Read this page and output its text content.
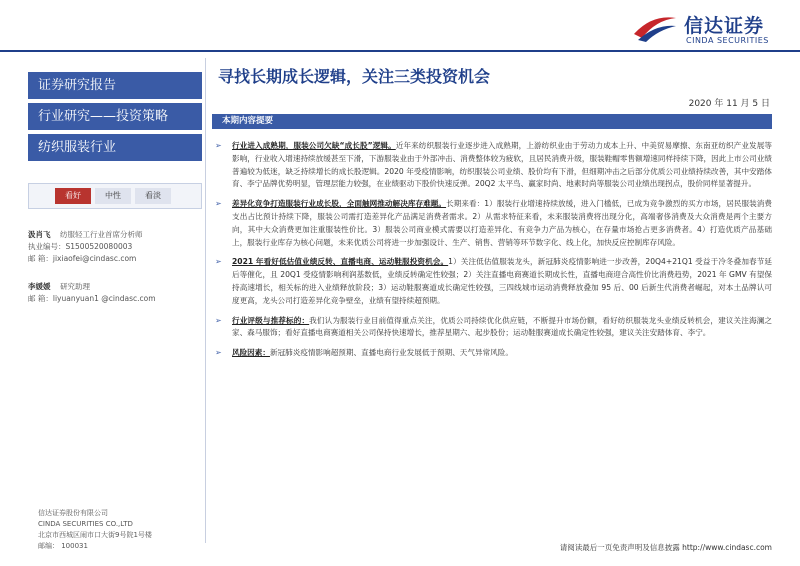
信达证券
CINDA SECURITIES
证券研究报告
行业研究——投资策略
纺织服装行业
看好	中性	看淡
汲肖飞 纺服轻工行业首席分析师
执业编号：S1500520080003
邮 箱：jixiaofei@cindasc.com
李媛媛 研究助理
邮 箱：liyuanyuan1 @cindasc.com
信达证券股份有限公司
CINDA SECURITIES CO.,LTD
北京市西城区闹市口大街9号院1号楼
邮编： 100031
寻找长期成长逻辑，关注三类投资机会
2020 年 11 月 5 日
本期内容提要
➢ 行业进入成熟期，服装公司欠缺“成长股”逻辑。近年来纺织服装行业逐步进入成熟期，上游纺织业由于劳动力成本上升、中美贸易摩擦、东南亚纺织产业发展等影响，行业收入增速持续放缓甚至下滑，下游服装业由于外部冲击、消费整体较为疲软，且居民消费升级，服装鞋帽零售额增速同样持续下降，因此上市公司业绩普遍较为低迷，缺乏持续增长的成长股逻辑。2020 年受疫情影响，纺织服装公司业绩、股价均有下滑，但细期冲击之后部分优质公司业绩持续改善，其中安踏体育、李宁品牌优势明显，管理层能力较强，在业绩驱动下股价快速反弹。20Q2 太平鸟、赢家时尚、地素时尚等服装公司业绩出现拐点，股价同样显著提升。
➢ 差异化竞争打造服装行业成长股，全面触网推动解决库存难题。长期来看：1）服装行业增速持续放缓，进入门槛低，已成为竞争激烈的买方市场，居民服装消费支出占比预计持续下降，服装公司需打造差异化产品满足消费者需求。2）从需求特征来看，未来服装消费将出现分化，高端奢侈消费及大众消费是两个主要方向，其中大众消费更加注重服装性价比。3）服装公司商业模式需要以打造差异化、有竞争力产品为核心，在存量市场抢占更多消费者。4）打造优质产品基础上，服装行业库存为核心问题，未来优质公司将进一步加强设计、生产、销售、营销等环节数字化、线上化，加快反应控制库存风险。
➢ 2021 年看好低估值业绩反转、直播电商、运动鞋服投资机会。1）关注低估值服装龙头，新冠肺炎疫情影响进一步改善，20Q4+21Q1 受益于冷冬叠加春节延后等催化，且 20Q1 受疫情影响利润基数低，业绩反转确定性较强；2）关注直播电商赛道长期成长性，直播电商迎合高性价比消费趋势，2021 年 GMV 有望保持高速增长，相关标的进入业绩释放阶段；3）运动鞋服赛道成长确定性较强，三四线城市运动消费释放叠加 95 后、00 后新生代消费者崛起，对本土品牌认可度更高，龙头公司打造差异化竞争壁垒，业绩有望持续超预期。
➢ 行业评级与推荐标的：我们认为服装行业目前值得重点关注，优质公司持续优化供应链，不断提升市场份额，看好纺织服装龙头业绩反转机会，建议关注海澜之家、森马服饰；看好直播电商赛道相关公司保持快速增长，推荐星期六、起步股份；运动鞋服赛道成长确定性较强，建议关注安踏体育、李宁。
➢ 风险因素：新冠肺炎疫情影响超预期、直播电商行业发展低于预期、天气异常风险。
请阅读最后一页免责声明及信息披露 http://www.cindasc.com
